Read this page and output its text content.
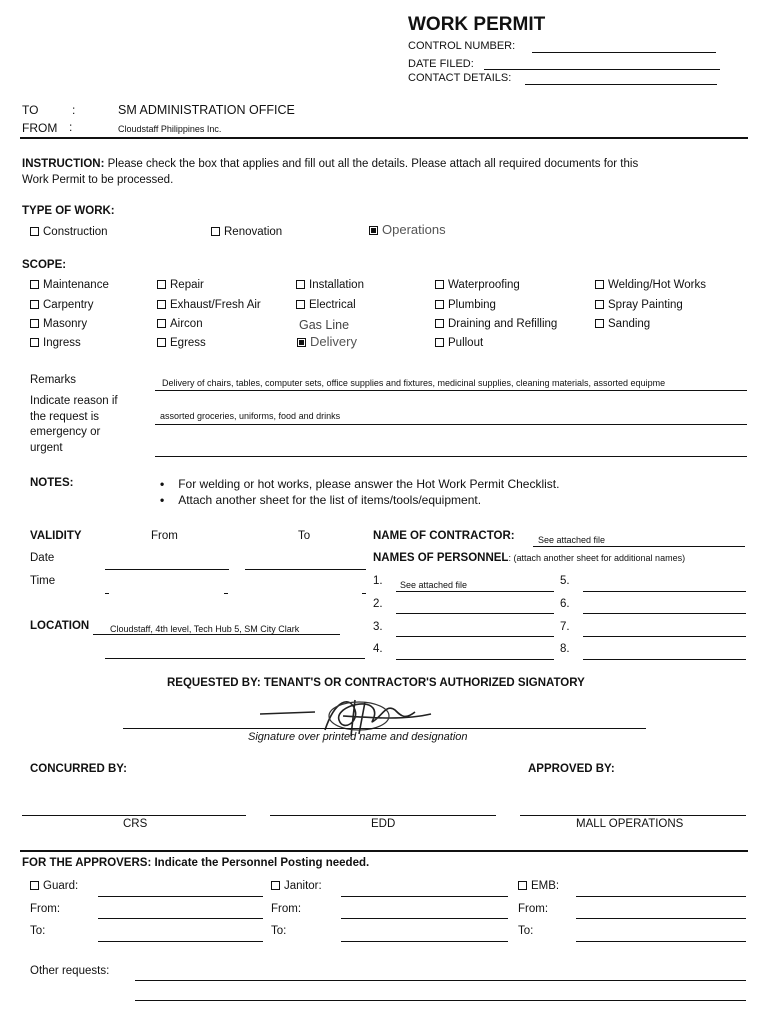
WORK PERMIT
CONTROL NUMBER:
DATE FILED:
CONTACT DETAILS:
TO	:	SM ADMINISTRATION OFFICE
FROM :	Cloudstaff Philippines Inc.
INSTRUCTION: Please check the box that applies and fill out all the details. Please attach all required documents for this
Work Permit to be processed.
TYPE OF WORK:
Construction	Renovation	Operations
SCOPE:
Maintenance	Repair	Installation	Waterproofing	Welding/Hot Works
Carpentry	Exhaust/Fresh Air	Electrical	Plumbing	Spray Painting
Masonry	Aircon	Gas Line	Draining and Refilling	Sanding
Ingress	Egress	Delivery	Pullout
Remarks
Indicate reason if
the request is
emergency or
urgent
Delivery of chairs, tables, computer sets, office supplies and fixtures, medicinal supplies, cleaning materials, assorted equipme
assorted groceries, uniforms, food and drinks
NOTES:
•	For welding or hot works, please answer the Hot Work Permit Checklist.
• Attach another sheet for the list of items/tools/equipment.
VALIDITY	From	To
Date
Time
LOCATION Cloudstaff, 4th level, Tech Hub 5, SM City Clark
NAME OF CONTRACTOR:	See attached file
NAMES OF PERSONNEL: (attach another sheet for additional names)
1. See attached file
2.
3.
4.
5.
6.
7.
8.
REQUESTED BY: TENANT'S OR CONTRACTOR'S AUTHORIZED SIGNATORY
Signature over printed name and designation
CONCURRED BY:	APPROVED BY:
CRS	EDD	MALL OPERATIONS
FOR THE APPROVERS: Indicate the Personnel Posting needed.
Guard:
From:
To:
Janitor:
From:
To:
EMB:
From:
To:
Other requests:
